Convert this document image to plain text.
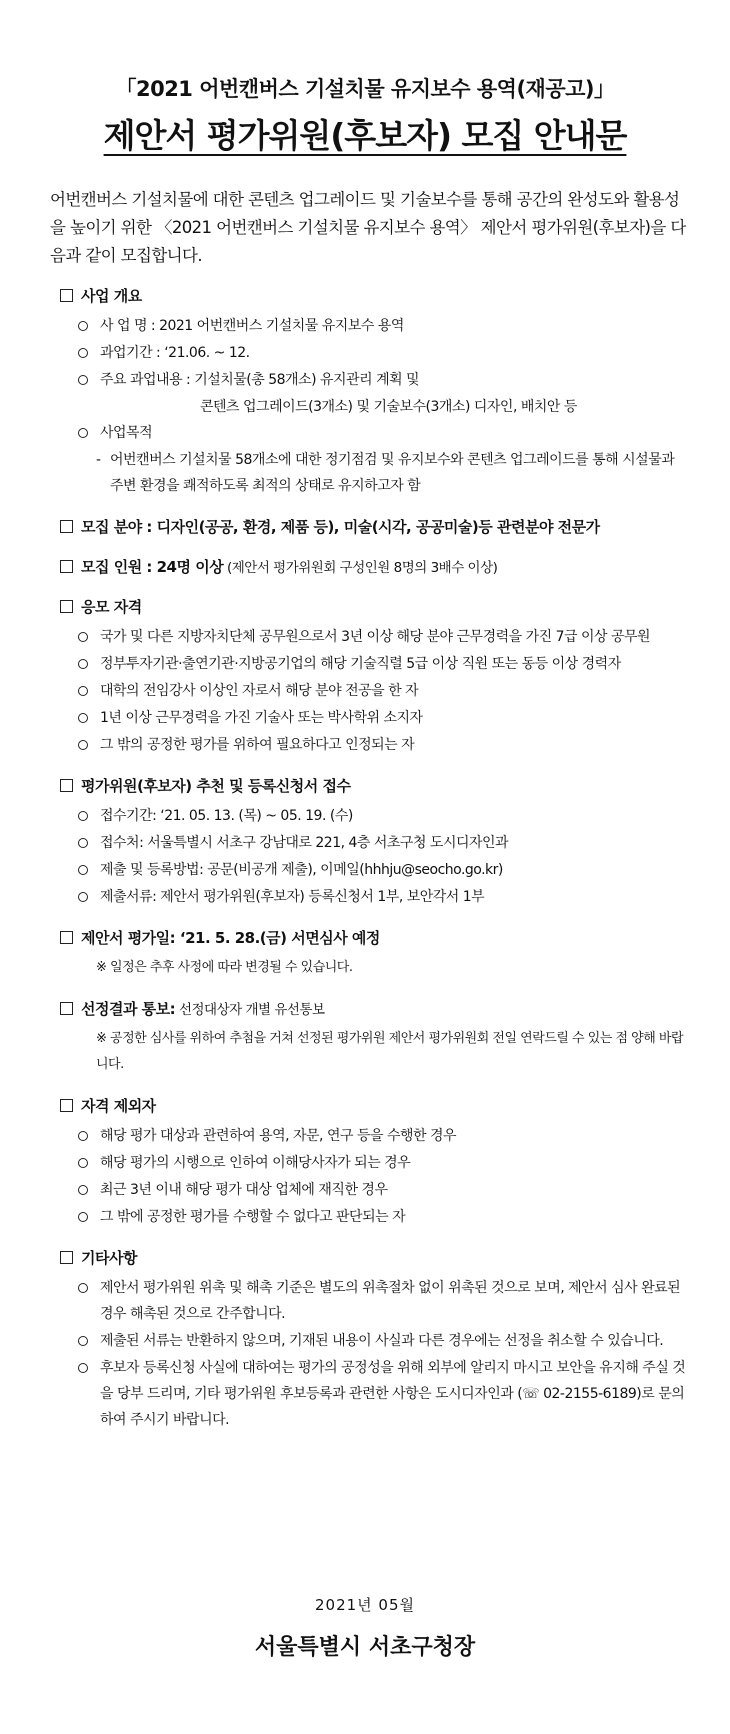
「2021 어번캔버스 기설치물 유지보수 용역(재공고)」
제안서 평가위원(후보자) 모집 안내문
어번캔버스 기설치물에 대한 콘텐츠 업그레이드 및 기술보수를 통해 공간의 완성도와 활용성을 높이기 위한 〈2021 어번캔버스 기설치물 유지보수 용역〉 제안서 평가위원(후보자)을 다음과 같이 모집합니다.
사업 개요
사 업 명 : 2021 어번캔버스 기설치물 유지보수 용역
과업기간 : ‘21.06. ~ 12.
주요 과업내용 : 기설치물(총 58개소) 유지관리 계획 및
콘텐츠 업그레이드(3개소) 및 기술보수(3개소) 디자인, 배치안 등
사업목적
- 어번캔버스 기설치물 58개소에 대한 정기점검 및 유지보수와 콘텐츠 업그레이드를 통해 시설물과 주변 환경을 쾌적하도록 최적의 상태로 유지하고자 함
모집 분야 : 디자인(공공, 환경, 제품 등), 미술(시각, 공공미술)등 관련분야 전문가
모집 인원 : 24명 이상 (제안서 평가위원회 구성인원 8명의 3배수 이상)
응모 자격
국가 및 다른 지방자치단체 공무원으로서 3년 이상 해당 분야 근무경력을 가진 7급 이상 공무원
정부투자기관·출연기관·지방공기업의 해당 기술직렬 5급 이상 직원 또는 동등 이상 경력자
대학의 전임강사 이상인 자로서 해당 분야 전공을 한 자
1년 이상 근무경력을 가진 기술사 또는 박사학위 소지자
그 밖의 공정한 평가를 위하여 필요하다고 인정되는 자
평가위원(후보자) 추천 및 등록신청서 접수
접수기간: ‘21. 05. 13. (목) ~ 05. 19. (수)
접수처: 서울특별시 서초구 강남대로 221, 4층 서초구청 도시디자인과
제출 및 등록방법: 공문(비공개 제출), 이메일(hhhju@seocho.go.kr)
제출서류: 제안서 평가위원(후보자) 등록신청서 1부, 보안각서 1부
제안서 평가일: ‘21. 5. 28.(금) 서면심사 예정
※ 일정은 추후 사정에 따라 변경될 수 있습니다.
선정결과 통보: 선정대상자 개별 유선통보
※ 공정한 심사를 위하여 추첨을 거쳐 선정된 평가위원 제안서 평가위원회 전일 연락드릴 수 있는 점 양해 바랍니다.
자격 제외자
해당 평가 대상과 관련하여 용역, 자문, 연구 등을 수행한 경우
해당 평가의 시행으로 인하여 이해당사자가 되는 경우
최근 3년 이내 해당 평가 대상 업체에 재직한 경우
그 밖에 공정한 평가를 수행할 수 없다고 판단되는 자
기타사항
제안서 평가위원 위촉 및 해촉 기준은 별도의 위촉절차 없이 위촉된 것으로 보며, 제안서 심사 완료된 경우 해촉된 것으로 간주합니다.
제출된 서류는 반환하지 않으며, 기재된 내용이 사실과 다른 경우에는 선정을 취소할 수 있습니다.
후보자 등록신청 사실에 대하여는 평가의 공정성을 위해 외부에 알리지 마시고 보안을 유지해 주실 것을 당부 드리며, 기타 평가위원 후보등록과 관련한 사항은 도시디자인과 (☏ 02-2155-6189)로 문의하여 주시기 바랍니다.
2021년 05월
서울특별시 서초구청장
